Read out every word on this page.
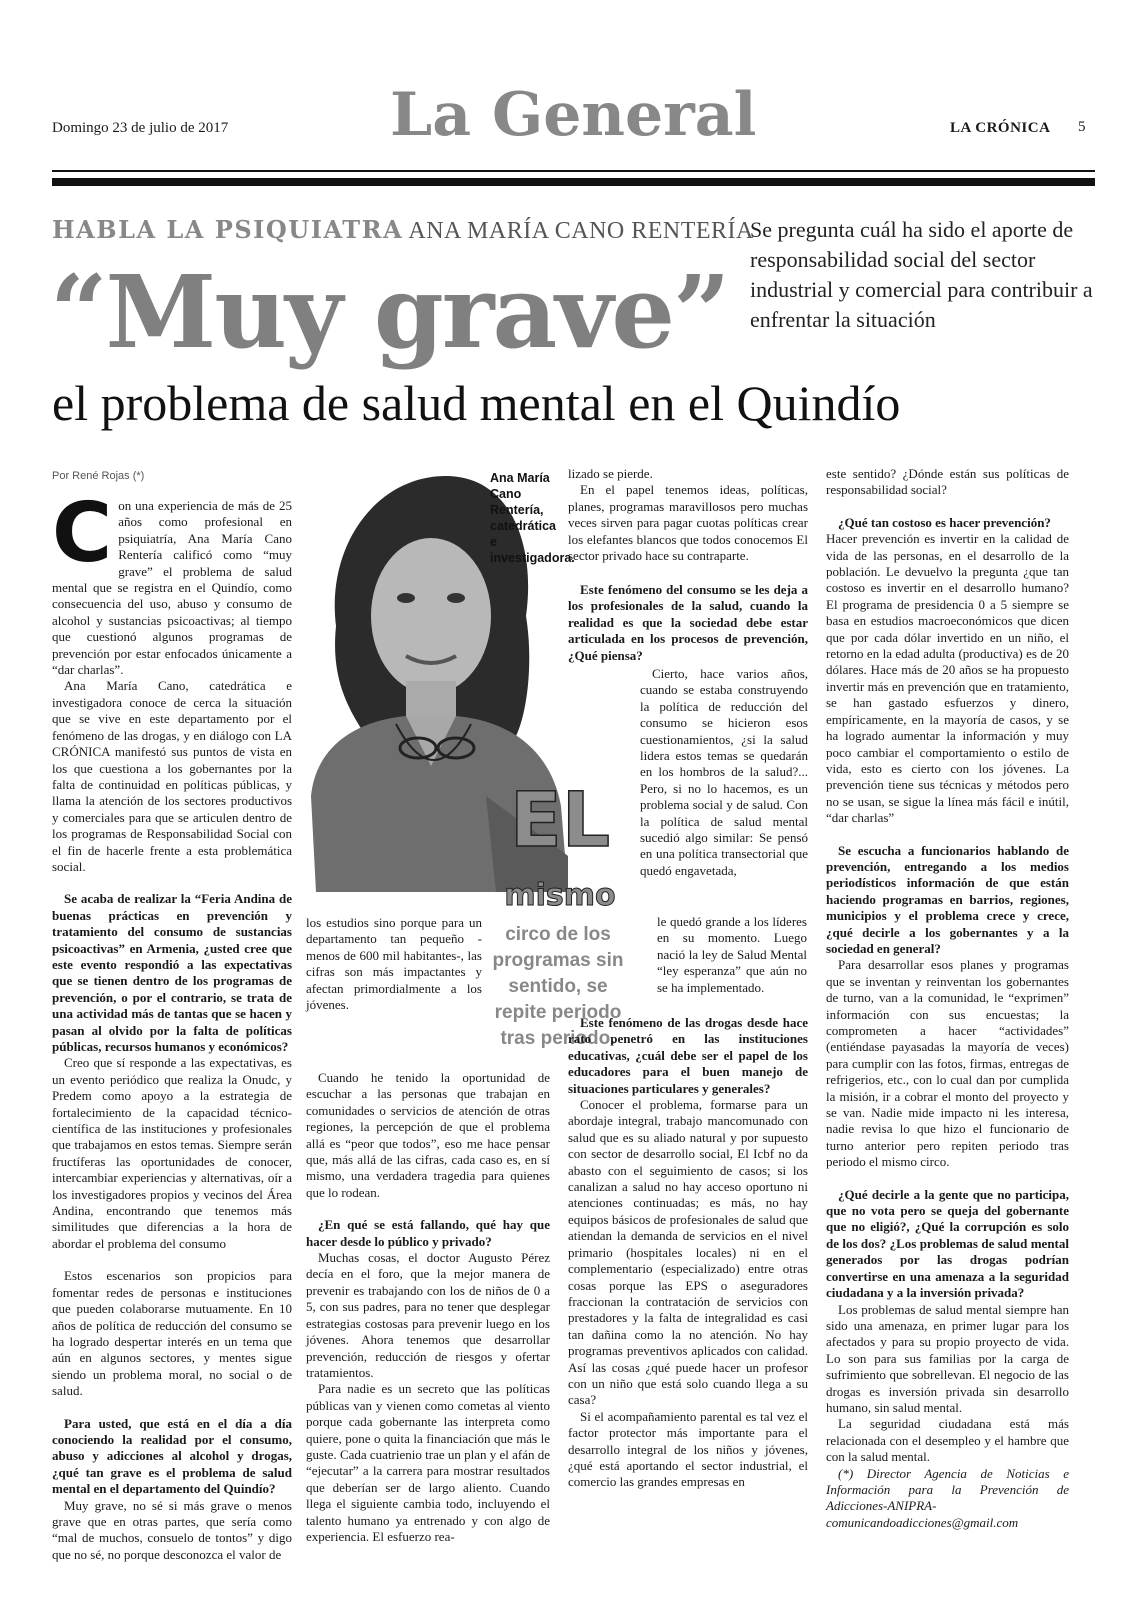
Domingo 23 de julio de 2017	La General	LA CRÓNICA 5
HABLA LA PSIQUIATRA ANA MARÍA CANO RENTERÍA
Se pregunta cuál ha sido el aporte de responsabilidad social del sector industrial y comercial para contribuir a enfrentar la situación
“Muy grave”
el problema de salud mental en el Quindío
Por René Rojas (*)
C on una experiencia de más de 25 años como profesional en psiquiatría, Ana María Cano Rentería calificó como “muy grave” el problema de salud mental que se registra en el Quindío, como consecuencia del uso, abuso y consumo de alcohol y sustancias psicoactivas; al tiempo que cuestionó algunos programas de prevención por estar enfocados únicamente a “dar charlas”.

Ana María Cano, catedrática e investigadora conoce de cerca la situación que se vive en este departamento por el fenómeno de las drogas, y en diálogo con LA CRÓNICA manifestó sus puntos de vista en los que cuestiona a los gobernantes por la falta de continuidad en políticas públicas, y llama la atención de los sectores productivos y comerciales para que se articulen dentro de los programas de Responsabilidad Social con el fin de hacerle frente a esta problemática social.

Se acaba de realizar la “Feria Andina de buenas prácticas en prevención y tratamiento del consumo de sustancias psicoactivas” en Armenia, ¿usted cree que este evento respondió a las expectativas que se tienen dentro de los programas de prevención, o por el contrario, se trata de una actividad más de tantas que se hacen y pasan al olvido por la falta de políticas públicas, recursos humanos y económicos?

Creo que sí responde a las expectativas, es un evento periódico que realiza la Onudc, y Predem como apoyo a la estrategia de fortalecimiento de la capacidad técnico-científica de las instituciones y profesionales que trabajamos en estos temas. Siempre serán fructíferas las oportunidades de conocer, intercambiar experiencias y alternativas, oír a los investigadores propios y vecinos del Área Andina, encontrando que tenemos más similitudes que diferencias a la hora de abordar el problema del consumo

Estos escenarios son propicios para fomentar redes de personas e instituciones que pueden colaborarse mutuamente. En 10 años de política de reducción del consumo se ha logrado despertar interés en un tema que aún en algunos sectores, y mentes sigue siendo un problema moral, no social o de salud.

Para usted, que está en el día a día conociendo la realidad por el consumo, abuso y adicciones al alcohol y drogas, ¿qué tan grave es el problema de salud mental en el departamento del Quindío?

Muy grave, no sé si más grave o menos grave que en otras partes, que sería como “mal de muchos, consuelo de tontos” y digo que no sé, no porque desconozca el valor de

Ana María Cano Rentería, catedrática e investigadora.
EL
mismo
circo de los programas sin sentido, se repite periodo tras periodo.

los estudios sino porque para un departamento tan pequeño - menos de 600 mil habitantes-, las cifras son más impactantes y afectan primordialmente a los jóvenes.

Cuando he tenido la oportunidad de escuchar a las personas que trabajan en comunidades o servicios de atención de otras regiones, la percepción de que el problema allá es “peor que todos”, eso me hace pensar que, más allá de las cifras, cada caso es, en sí mismo, una verdadera tragedia para quienes que lo rodean.

¿En qué se está fallando, qué hay que hacer desde lo público y privado?

Muchas cosas, el doctor Augusto Pérez decía en el foro, que la mejor manera de prevenir es trabajando con los de niños de 0 a 5, con sus padres, para no tener que desplegar estrategias costosas para prevenir luego en los jóvenes. Ahora tenemos que desarrollar prevención, reducción de riesgos y ofertar tratamientos.

Para nadie es un secreto que las políticas públicas van y vienen como cometas al viento porque cada gobernante las interpreta como quiere, pone o quita la financiación que más le guste. Cada cuatrienio trae un plan y el afán de “ejecutar” a la carrera para mostrar resultados que deberían ser de largo aliento. Cuando llega el siguiente cambia todo, incluyendo el talento humano ya entrenado y con algo de experiencia. El esfuerzo rea-

lizado se pierde.

En el papel tenemos ideas, políticas, planes, programas maravillosos pero muchas veces sirven para pagar cuotas políticas crear los elefantes blancos que todos conocemos El sector privado hace su contraparte.

Este fenómeno del consumo se les deja a los profesionales de la salud, cuando la realidad es que la sociedad debe estar articulada en los procesos de prevención, ¿Qué piensa?

Cierto, hace varios años, cuando se estaba construyendo la política de reducción del consumo se hicieron esos cuestionamientos, ¿si la salud lidera estos temas se quedarán en los hombros de la salud?... Pero, si no lo hacemos, es un problema social y de salud. Con la política de salud mental sucedió algo similar: Se pensó en una política transectorial que quedó engavetada,

le quedó grande a los líderes en su momento. Luego nació la ley de Salud Mental “ley esperanza” que aún no se ha implementado.

Este fenómeno de las drogas desde hace rato penetró en las instituciones educativas, ¿cuál debe ser el papel de los educadores para el buen manejo de situaciones particulares y generales?

Conocer el problema, formarse para un abordaje integral, trabajo mancomunado con salud que es su aliado natural y por supuesto con sector de desarrollo social, El Icbf no da abasto con el seguimiento de casos; si los canalizan a salud no hay acceso oportuno ni atenciones continuadas; es más, no hay equipos básicos de profesionales de salud que atiendan la demanda de servicios en el nivel primario (hospitales locales) ni en el complementario (especializado) entre otras cosas porque las EPS o aseguradores fraccionan la contratación de servicios con prestadores y la falta de integralidad es casi tan dañina como la no atención. No hay programas preventivos aplicados con calidad. Así las cosas ¿qué puede hacer un profesor con un niño que está solo cuando llega a su casa?

Si el acompañamiento parental es tal vez el factor protector más importante para el desarrollo integral de los niños y jóvenes, ¿qué está aportando el sector industrial, el comercio las grandes empresas en

este sentido? ¿Dónde están sus políticas de responsabilidad social?

¿Qué tan costoso es hacer prevención?

Hacer prevención es invertir en la calidad de vida de las personas, en el desarrollo de la población. Le devuelvo la pregunta ¿que tan costoso es invertir en el desarrollo humano? El programa de presidencia 0 a 5 siempre se basa en estudios macroeconómicos que dicen que por cada dólar invertido en un niño, el retorno en la edad adulta (productiva) es de 20 dólares. Hace más de 20 años se ha propuesto invertir más en prevención que en tratamiento, se han gastado esfuerzos y dinero, empíricamente, en la mayoría de casos, y se ha logrado aumentar la información y muy poco cambiar el comportamiento o estilo de vida, esto es cierto con los jóvenes. La prevención tiene sus técnicas y métodos pero no se usan, se sigue la línea más fácil e inútil, “dar charlas”

Se escucha a funcionarios hablando de prevención, entregando a los medios periodísticos información de que están haciendo programas en barrios, regiones, municipios y el problema crece y crece, ¿qué decirle a los gobernantes y a la sociedad en general?

Para desarrollar esos planes y programas que se inventan y reinventan los gobernantes de turno, van a la comunidad, le “exprimen” información con sus encuestas; la comprometen a hacer “actividades” (entiéndase payasadas la mayoría de veces) para cumplir con las fotos, firmas, entregas de refrigerios, etc., con lo cual dan por cumplida la misión, ir a cobrar el monto del proyecto y se van. Nadie mide impacto ni les interesa, nadie revisa lo que hizo el funcionario de turno anterior pero repiten periodo tras periodo el mismo circo.

¿Qué decirle a la gente que no participa, que no vota pero se queja del gobernante que no eligió?, ¿Qué la corrupción es solo de los dos? ¿Los problemas de salud mental generados por las drogas podrían convertirse en una amenaza a la seguridad ciudadana y a la inversión privada?

Los problemas de salud mental siempre han sido una amenaza, en primer lugar para los afectados y para su propio proyecto de vida. Lo son para sus familias por la carga de sufrimiento que sobrellevan. El negocio de las drogas es inversión privada sin desarrollo humano, sin salud mental.

La seguridad ciudadana está más relacionada con el desempleo y el hambre que con la salud mental.

(*) Director Agencia de Noticias e Información para la Prevención de Adicciones-ANIPRA- comunicandoadicciones@gmail.com
